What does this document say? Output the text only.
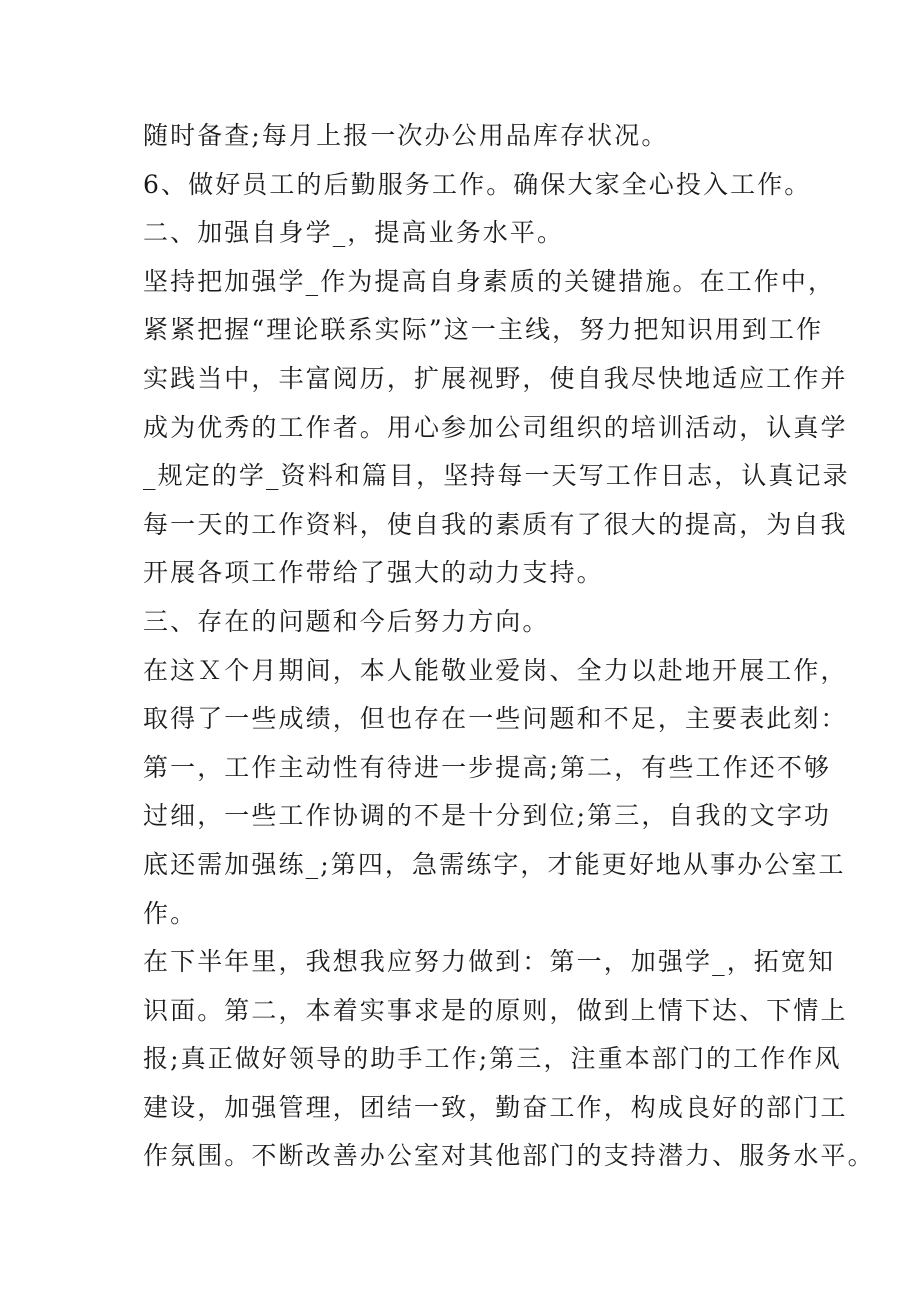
随时备查;每月上报一次办公用品库存状况。
6、做好员工的后勤服务工作。确保大家全心投入工作。
二、加强自身学_，提高业务水平。
坚持把加强学_作为提高自身素质的关键措施。在工作中，
紧紧把握“理论联系实际”这一主线，努力把知识用到工作
实践当中，丰富阅历，扩展视野，使自我尽快地适应工作并
成为优秀的工作者。用心参加公司组织的培训活动，认真学
_规定的学_资料和篇目，坚持每一天写工作日志，认真记录
每一天的工作资料，使自我的素质有了很大的提高，为自我
开展各项工作带给了强大的动力支持。
三、存在的问题和今后努力方向。
在这Ｘ个月期间，本人能敬业爱岗、全力以赴地开展工作，
取得了一些成绩，但也存在一些问题和不足，主要表此刻：
第一，工作主动性有待进一步提高;第二，有些工作还不够
过细，一些工作协调的不是十分到位;第三，自我的文字功
底还需加强练_;第四，急需练字，才能更好地从事办公室工
作。
在下半年里，我想我应努力做到：第一，加强学_，拓宽知
识面。第二，本着实事求是的原则，做到上情下达、下情上
报;真正做好领导的助手工作;第三，注重本部门的工作作风
建设，加强管理，团结一致，勤奋工作，构成良好的部门工
作氛围。不断改善办公室对其他部门的支持潜力、服务水平。
